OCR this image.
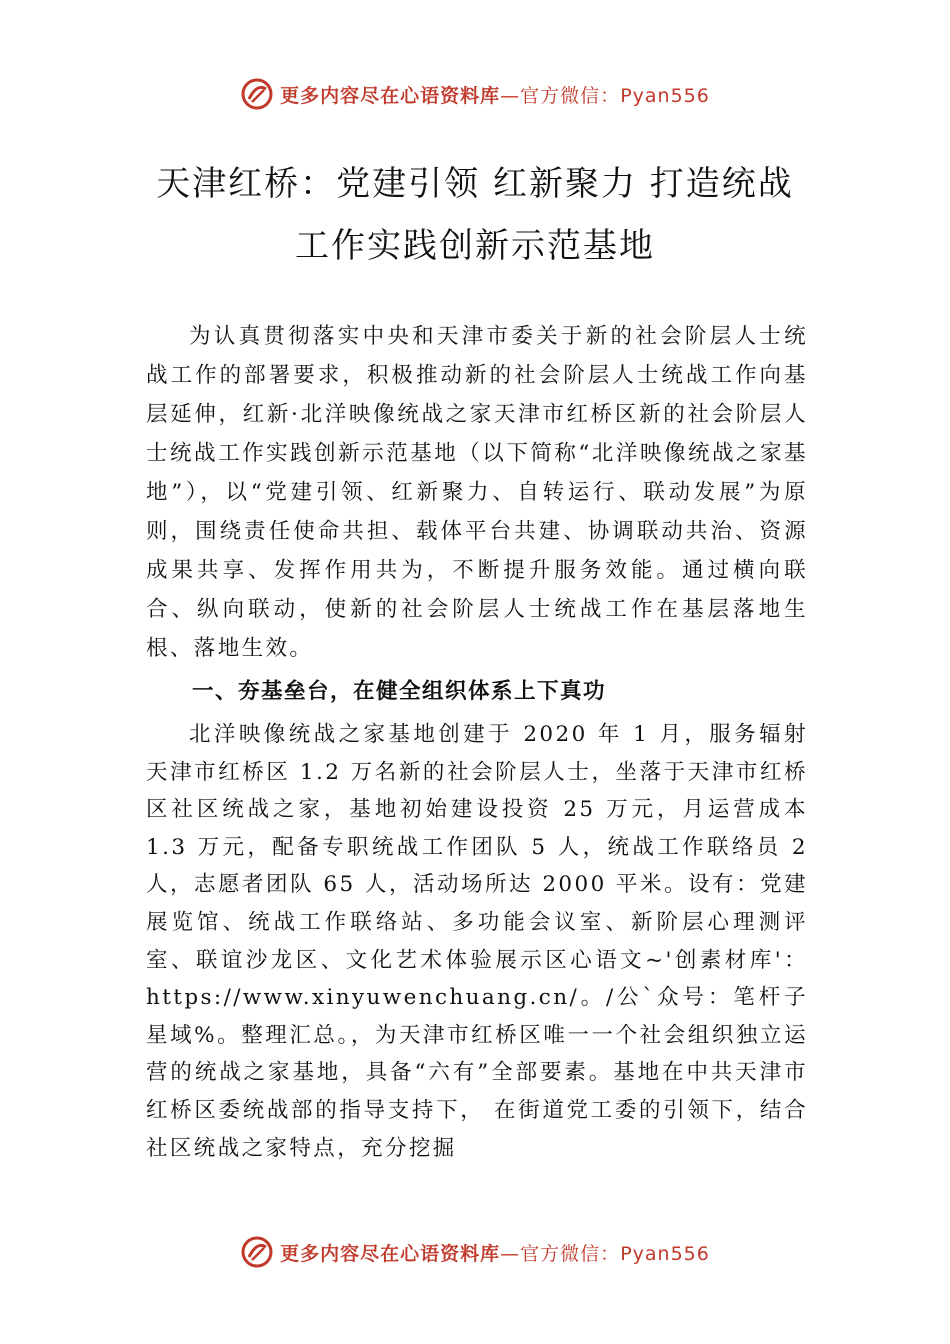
更多内容尽在心语资料库—官方微信：Pyan556
天津红桥：党建引领 红新聚力 打造统战
工作实践创新示范基地
为认真贯彻落实中央和天津市委关于新的社会阶层人士统战工作的部署要求，积极推动新的社会阶层人士统战工作向基层延伸，红新·北洋映像统战之家天津市红桥区新的社会阶层人士统战工作实践创新示范基地（以下简称“北洋映像统战之家基地”），以“党建引领、红新聚力、自转运行、联动发展”为原则，围绕责任使命共担、载体平台共建、协调联动共治、资源成果共享、发挥作用共为，不断提升服务效能。通过横向联合、纵向联动，使新的社会阶层人士统战工作在基层落地生根、落地生效。
一、夯基垒台，在健全组织体系上下真功
北洋映像统战之家基地创建于 2020 年 1 月，服务辐射天津市红桥区 1.2 万名新的社会阶层人士，坐落于天津市红桥区社区统战之家，基地初始建设投资 25 万元，月运营成本 1.3 万元，配备专职统战工作团队 5 人，统战工作联络员 2 人，志愿者团队 65 人，活动场所达 2000 平米。设有：党建展览馆、统战工作联络站、多功能会议室、新阶层心理测评室、联谊沙龙区、文化艺术体验展示区心语文~'创素材库'：https://www.xinyuwenchuang.cn/。/公`众号：笔杆子星域%。整理汇总。，为天津市红桥区唯一一个社会组织独立运营的统战之家基地，具备“六有”全部要素。基地在中共天津市红桥区委统战部的指导支持下， 在街道党工委的引领下，结合社区统战之家特点，充分挖掘
更多内容尽在心语资料库—官方微信：Pyan556
